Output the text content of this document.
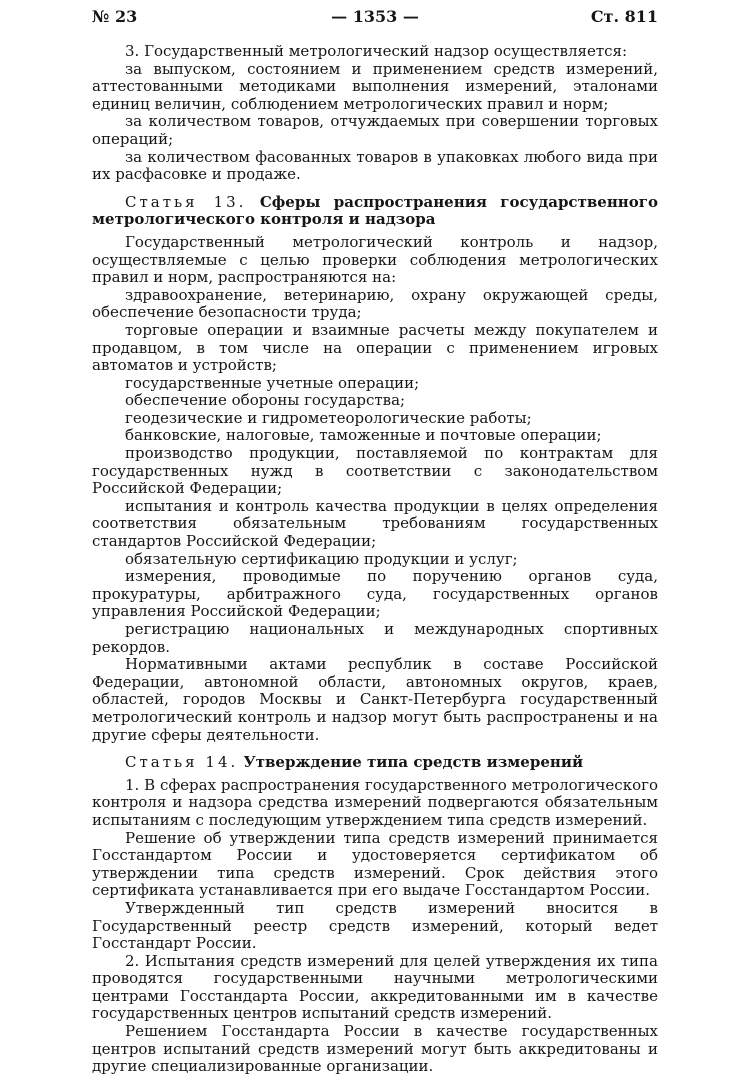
№ 23	— 1353 —	Ст. 811

3. Государственный метрологический надзор осуществляется:

за выпуском, состоянием и применением средств измерений, аттестованными методиками выполнения измерений, эталонами единиц величин, соблюдением метрологических правил и норм;

за количеством товаров, отчуждаемых при совершении торговых операций;

за количеством фасованных товаров в упаковках любого вида при их расфасовке и продаже.

Статья 13. Сферы распространения государственного метрологического контроля и надзора

Государственный метрологический контроль и надзор, осуществляемые с целью проверки соблюдения метрологических правил и норм, распространяются на:

здравоохранение, ветеринарию, охрану окружающей среды, обеспечение безопасности труда;

торговые операции и взаимные расчеты между покупателем и продавцом, в том числе на операции с применением игровых автоматов и устройств;

государственные учетные операции;

обеспечение обороны государства;

геодезические и гидрометеорологические работы;

банковские, налоговые, таможенные и почтовые операции;

производство продукции, поставляемой по контрактам для государственных нужд в соответствии с законодательством Российской Федерации;

испытания и контроль качества продукции в целях определения соответствия обязательным требованиям государственных стандартов Российской Федерации;

обязательную сертификацию продукции и услуг;

измерения, проводимые по поручению органов суда, прокуратуры, арбитражного суда, государственных органов управления Российской Федерации;

регистрацию национальных и международных спортивных рекордов.

Нормативными актами республик в составе Российской Федерации, автономной области, автономных округов, краев, областей, городов Москвы и Санкт-Петербурга государственный метрологический контроль и надзор могут быть распространены и на другие сферы деятельности.

Статья 14. Утверждение типа средств измерений

1. В сферах распространения государственного метрологического контроля и надзора средства измерений подвергаются обязательным испытаниям с последующим утверждением типа средств измерений.

Решение об утверждении типа средств измерений принимается Госстандартом России и удостоверяется сертификатом об утверждении типа средств измерений. Срок действия этого сертификата устанавливается при его выдаче Госстандартом России.

Утвержденный тип средств измерений вносится в Государственный реестр средств измерений, который ведет Госстандарт России.

2. Испытания средств измерений для целей утверждения их типа проводятся государственными научными метрологическими центрами Госстандарта России, аккредитованными им в качестве государственных центров испытаний средств измерений.

Решением Госстандарта России в качестве государственных центров испытаний средств измерений могут быть аккредитованы и другие специализированные организации.
